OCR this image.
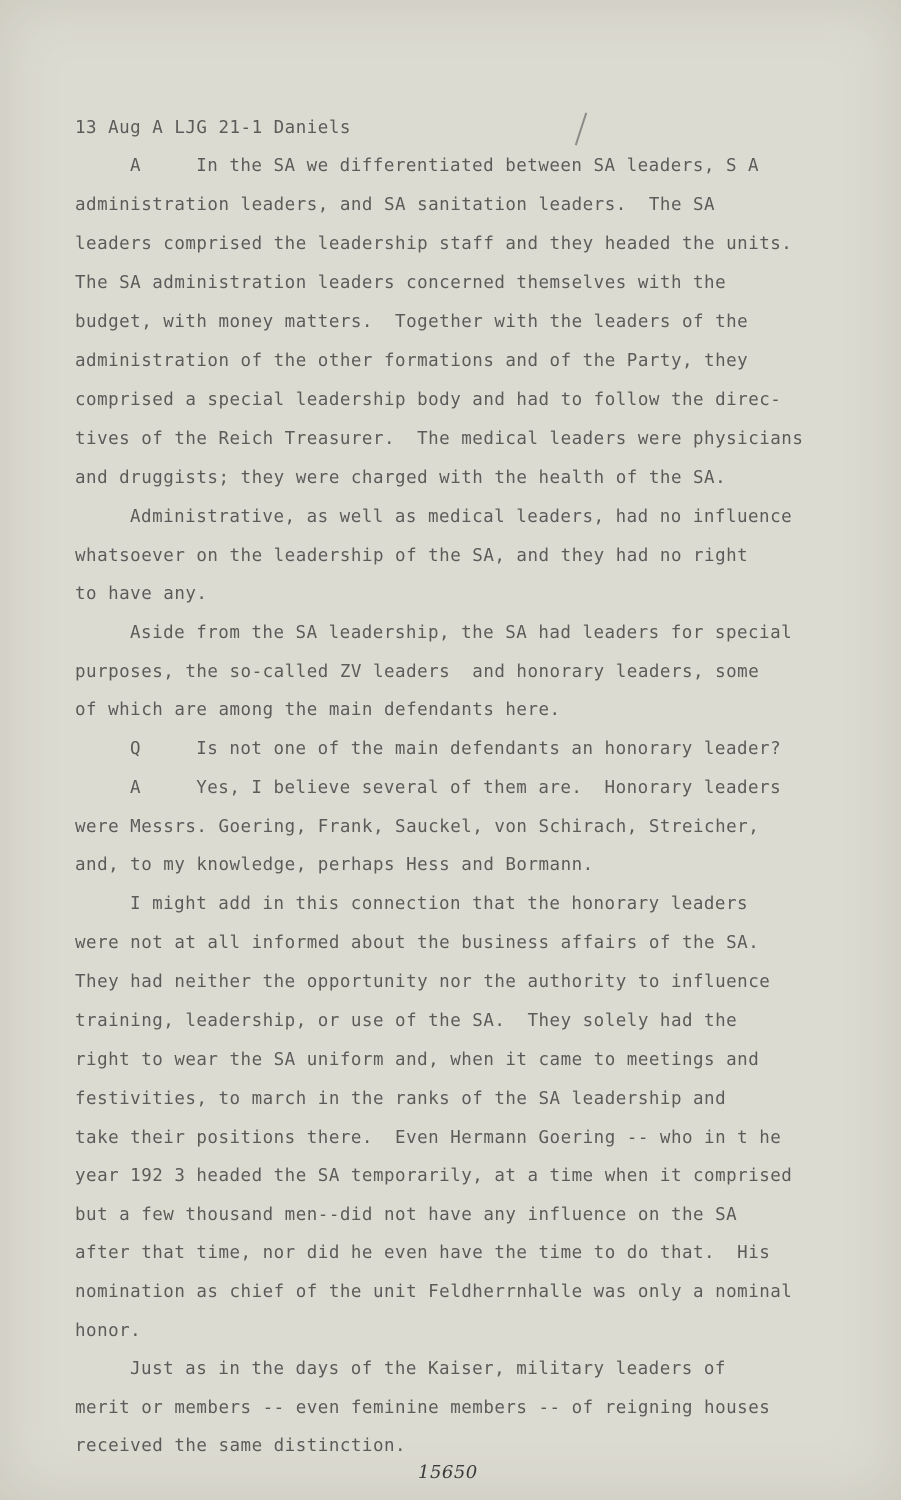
13 Aug A LJG 21-1 Daniels
A     In the SA we differentiated between SA leaders, S A
administration leaders, and SA sanitation leaders.  The SA
leaders comprised the leadership staff and they headed the units.
The SA administration leaders concerned themselves with the
budget, with money matters.  Together with the leaders of the
administration of the other formations and of the Party, they
comprised a special leadership body and had to follow the direc-
tives of the Reich Treasurer.  The medical leaders were physicians
and druggists; they were charged with the health of the SA.
Administrative, as well as medical leaders, had no influence
whatsoever on the leadership of the SA, and they had no right
to have any.
Aside from the SA leadership, the SA had leaders for special
purposes, the so-called ZV leaders  and honorary leaders, some
of which are among the main defendants here.
Q     Is not one of the main defendants an honorary leader?
A     Yes, I believe several of them are.  Honorary leaders
were Messrs. Goering, Frank, Sauckel, von Schirach, Streicher,
and, to my knowledge, perhaps Hess and Bormann.
I might add in this connection that the honorary leaders
were not at all informed about the business affairs of the SA.
They had neither the opportunity nor the authority to influence
training, leadership, or use of the SA.  They solely had the
right to wear the SA uniform and, when it came to meetings and
festivities, to march in the ranks of the SA leadership and
take their positions there.  Even Hermann Goering -- who in t he
year 192 3 headed the SA temporarily, at a time when it comprised
but a few thousand men--did not have any influence on the SA
after that time, nor did he even have the time to do that.  His
nomination as chief of the unit Feldherrnhalle was only a nominal
honor.
Just as in the days of the Kaiser, military leaders of
merit or members -- even feminine members -- of reigning houses
received the same distinction.
15650
